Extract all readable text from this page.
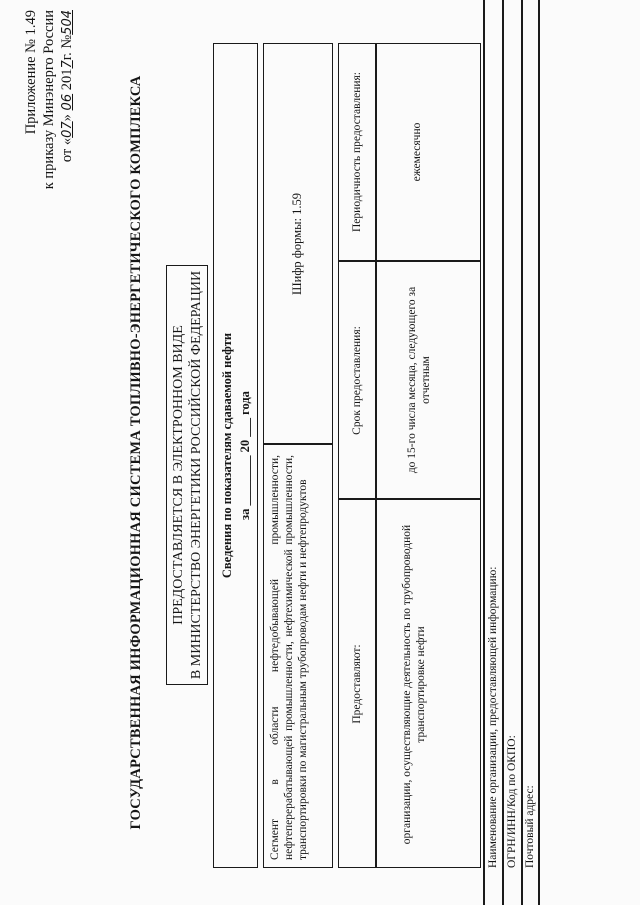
Приложение № 1.49 к приказу Минэнерго России от «07» 06 2017г. №504
ГОСУДАРСТВЕННАЯ ИНФОРМАЦИОННАЯ СИСТЕМА ТОПЛИВНО-ЭНЕРГЕТИЧЕСКОГО КОМПЛЕКСА ПРЕДОСТАВЛЯЕТСЯ В ЭЛЕКТРОННОМ ВИДЕ В МИНИСТЕРСТВО ЭНЕРГЕТИКИ РОССИЙСКОЙ ФЕДЕРАЦИИ Сведения по показателям сдаваемой нефти за ________ 20 ___ года Сегмент в области нефтедобывающей промышленности, нефтеперерабатывающей промышленности, нефтехимической промышленности, транспортировки по магистральным трубопроводам нефти и нефтепродуктов
Шифр формы: 1.59
Предоставляют:
Срок предоставления:
Периодичность предоставления:
организации, осуществляющие деятельность по трубопроводной транспортировке нефти
до 15-го числа месяца, следующего за отчетным
ежемесячно
Наименование организации, предоставляющей информацию: ОГРН/ИНН/Код по ОКПО: Почтовый адрес:
